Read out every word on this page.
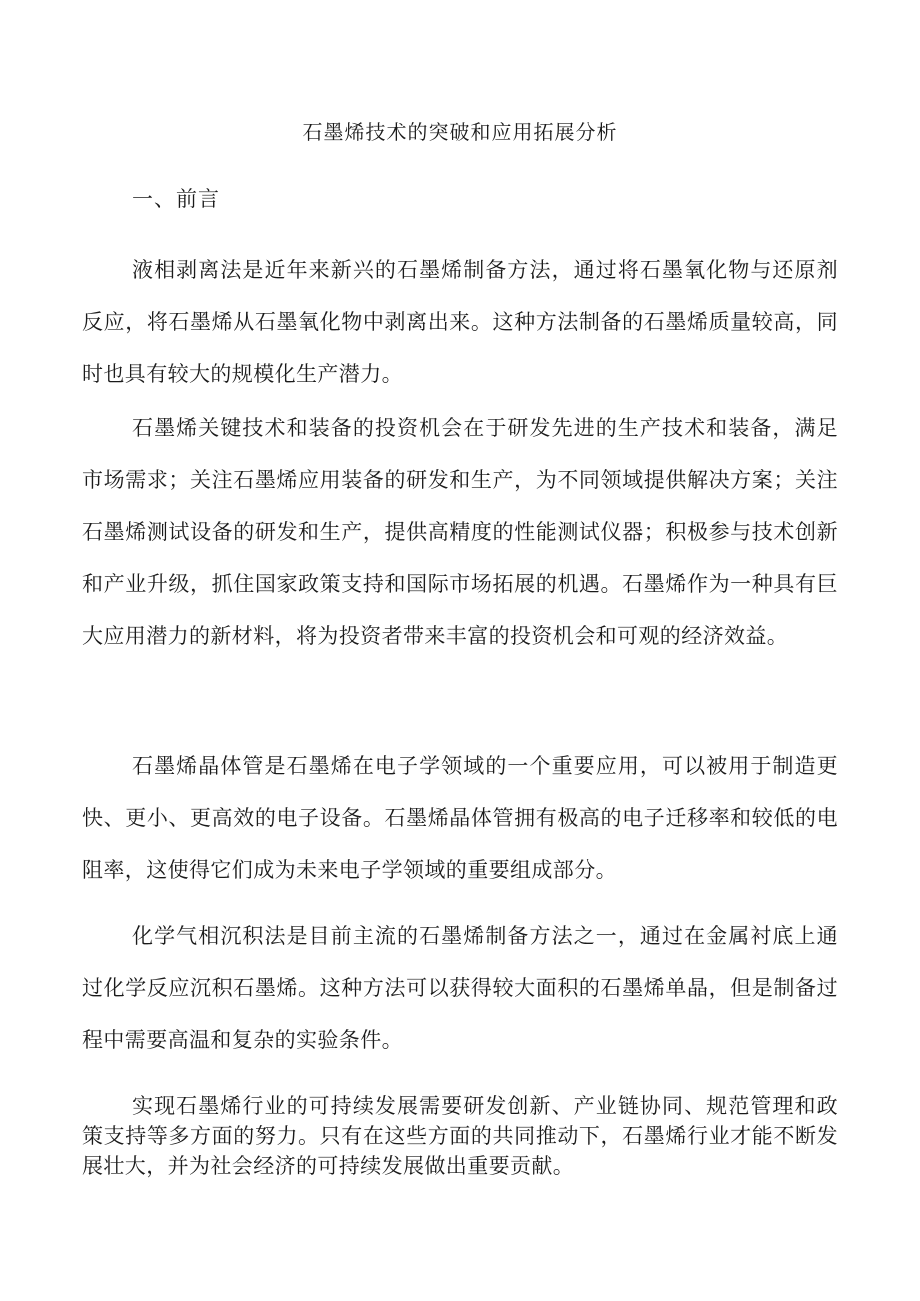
石墨烯技术的突破和应用拓展分析
一、前言

液相剥离法是近年来新兴的石墨烯制备方法，通过将石墨氧化物与还原剂反应，将石墨烯从石墨氧化物中剥离出来。这种方法制备的石墨烯质量较高，同时也具有较大的规模化生产潜力。

石墨烯关键技术和装备的投资机会在于研发先进的生产技术和装备，满足市场需求；关注石墨烯应用装备的研发和生产，为不同领域提供解决方案；关注石墨烯测试设备的研发和生产，提供高精度的性能测试仪器；积极参与技术创新和产业升级，抓住国家政策支持和国际市场拓展的机遇。石墨烯作为一种具有巨大应用潜力的新材料，将为投资者带来丰富的投资机会和可观的经济效益。

石墨烯晶体管是石墨烯在电子学领域的一个重要应用，可以被用于制造更快、更小、更高效的电子设备。石墨烯晶体管拥有极高的电子迁移率和较低的电阻率，这使得它们成为未来电子学领域的重要组成部分。

化学气相沉积法是目前主流的石墨烯制备方法之一，通过在金属衬底上通过化学反应沉积石墨烯。这种方法可以获得较大面积的石墨烯单晶，但是制备过程中需要高温和复杂的实验条件。

实现石墨烯行业的可持续发展需要研发创新、产业链协同、规范管理和政策支持等多方面的努力。只有在这些方面的共同推动下，石墨烯行业才能不断发展壮大，并为社会经济的可持续发展做出重要贡献。
